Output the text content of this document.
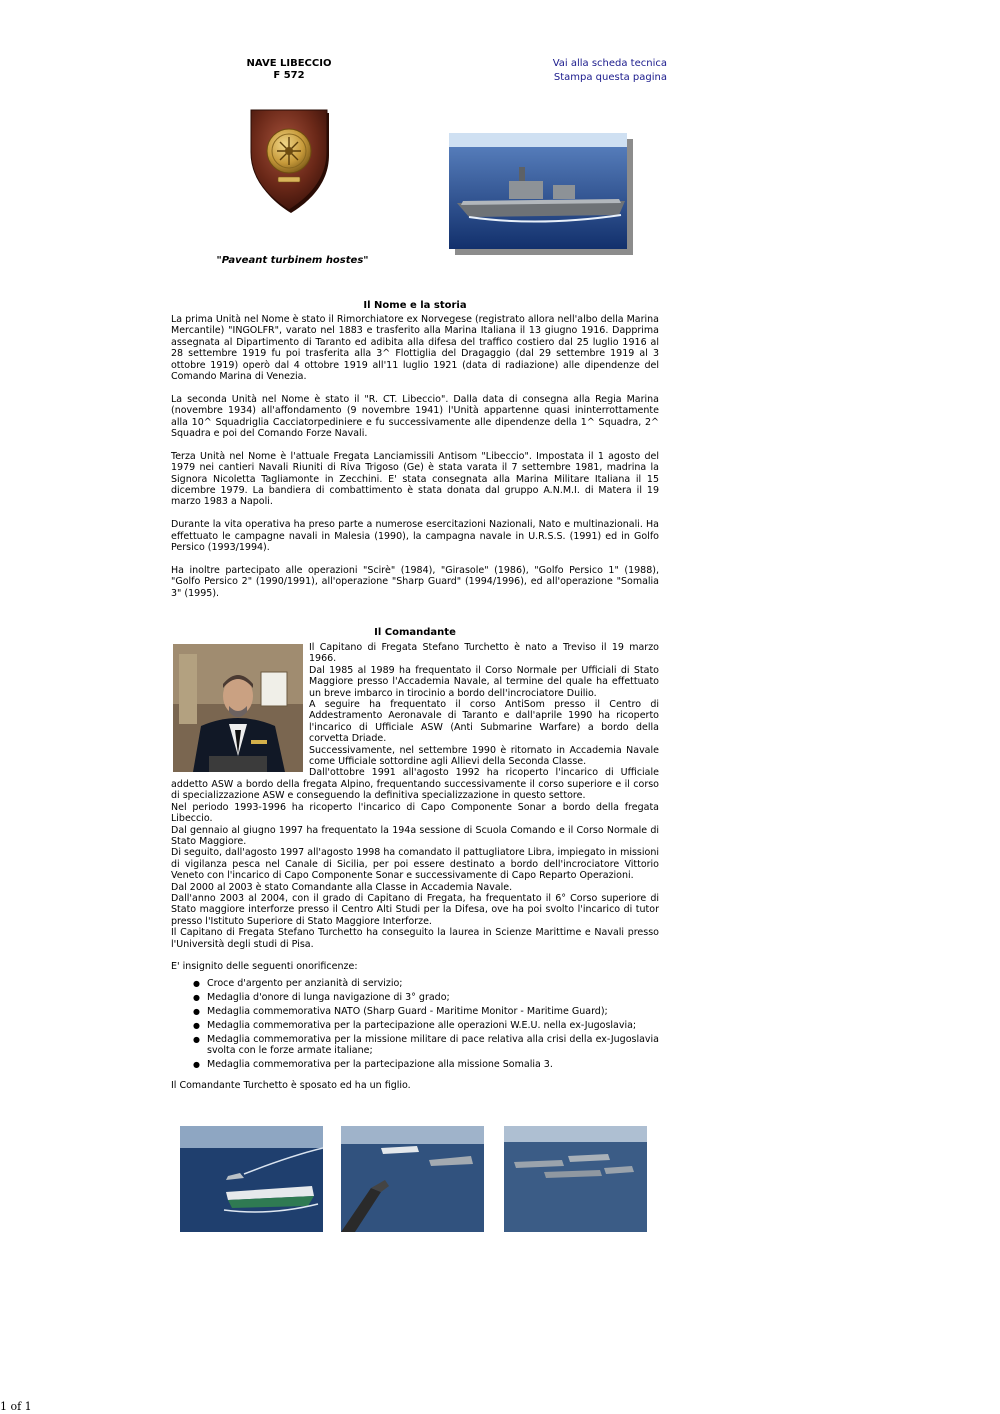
NAVE LIBECCIO
F 572
Vai alla scheda tecnica
Stampa questa pagina
"Paveant turbinem hostes"
Il Nome e la storia

La prima Unità nel Nome è stato il Rimorchiatore ex Norvegese (registrato allora nell'albo della Marina Mercantile) "INGOLFR", varato nel 1883 e trasferito alla Marina Italiana il 13 giugno 1916. Dapprima assegnata al Dipartimento di Taranto ed adibita alla difesa del traffico costiero dal 25 luglio 1916 al 28 settembre 1919 fu poi trasferita alla 3^ Flottiglia del Dragaggio (dal 29 settembre 1919 al 3 ottobre 1919) operò dal 4 ottobre 1919 all'11 luglio 1921 (data di radiazione) alle dipendenze del Comando Marina di Venezia.

La seconda Unità nel Nome è stato il "R. CT. Libeccio". Dalla data di consegna alla Regia Marina (novembre 1934) all'affondamento (9 novembre 1941) l'Unità appartenne quasi ininterrottamente alla 10^ Squadriglia Cacciatorpediniere e fu successivamente alle dipendenze della 1^ Squadra, 2^ Squadra e poi del Comando Forze Navali.

Terza Unità nel Nome è l'attuale Fregata Lanciamissili Antisom "Libeccio". Impostata il 1 agosto del 1979 nei cantieri Navali Riuniti di Riva Trigoso (Ge) è stata varata il 7 settembre 1981, madrina la Signora Nicoletta Tagliamonte in Zecchini. E' stata consegnata alla Marina Militare Italiana il 15 dicembre 1979. La bandiera di combattimento è stata donata dal gruppo A.N.M.I. di Matera il 19 marzo 1983 a Napoli.

Durante la vita operativa ha preso parte a numerose esercitazioni Nazionali, Nato e multinazionali. Ha effettuato le campagne navali in Malesia (1990), la campagna navale in U.R.S.S. (1991) ed in Golfo Persico (1993/1994).

Ha inoltre partecipato alle operazioni "Scirè" (1984), "Girasole" (1986), "Golfo Persico 1" (1988), "Golfo Persico 2" (1990/1991), all'operazione "Sharp Guard" (1994/1996), ed all'operazione "Somalia 3" (1995).

Il Comandante

Il Capitano di Fregata Stefano Turchetto è nato a Treviso il 19 marzo 1966.

Dal 1985 al 1989 ha frequentato il Corso Normale per Ufficiali di Stato Maggiore presso l'Accademia Navale, al termine del quale ha effettuato un breve imbarco in tirocinio a bordo dell'incrociatore Duilio.

A seguire ha frequentato il corso AntiSom presso il Centro di Addestramento Aeronavale di Taranto e dall'aprile 1990 ha ricoperto l'incarico di Ufficiale ASW (Anti Submarine Warfare) a bordo della corvetta Driade.

Successivamente, nel settembre 1990 è ritornato in Accademia Navale come Ufficiale sottordine agli Allievi della Seconda Classe.

Dall'ottobre 1991 all'agosto 1992 ha ricoperto l'incarico di Ufficiale addetto ASW a bordo della fregata Alpino, frequentando successivamente il corso superiore e il corso di specializzazione ASW e conseguendo la definitiva specializzazione in questo settore.

Nel periodo 1993-1996 ha ricoperto l'incarico di Capo Componente Sonar a bordo della fregata Libeccio.

Dal gennaio al giugno 1997 ha frequentato la 194a sessione di Scuola Comando e il Corso Normale di Stato Maggiore.

Di seguito, dall'agosto 1997 all'agosto 1998 ha comandato il pattugliatore Libra, impiegato in missioni di vigilanza pesca nel Canale di Sicilia, per poi essere destinato a bordo dell'incrociatore Vittorio Veneto con l'incarico di Capo Componente Sonar e successivamente di Capo Reparto Operazioni.

Dal 2000 al 2003 è stato Comandante alla Classe in Accademia Navale.

Dall'anno 2003 al 2004, con il grado di Capitano di Fregata, ha frequentato il 6° Corso superiore di Stato maggiore interforze presso il Centro Alti Studi per la Difesa, ove ha poi svolto l'incarico di tutor presso l'Istituto Superiore di Stato Maggiore Interforze.

Il Capitano di Fregata Stefano Turchetto ha conseguito la laurea in Scienze Marittime e Navali presso l'Università degli studi di Pisa.

E' insignito delle seguenti onorificenze:

● Croce d'argento per anzianità di servizio;
● Medaglia d'onore di lunga navigazione di 3° grado;
● Medaglia commemorativa NATO (Sharp Guard - Maritime Monitor - Maritime Guard);
● Medaglia commemorativa per la partecipazione alle operazioni W.E.U. nella ex-Jugoslavia;
● Medaglia commemorativa per la missione militare di pace relativa alla crisi della ex-Jugoslavia svolta con le forze armate italiane;
● Medaglia commemorativa per la partecipazione alla missione Somalia 3.

Il Comandante Turchetto è sposato ed ha un figlio.

1 of 1
